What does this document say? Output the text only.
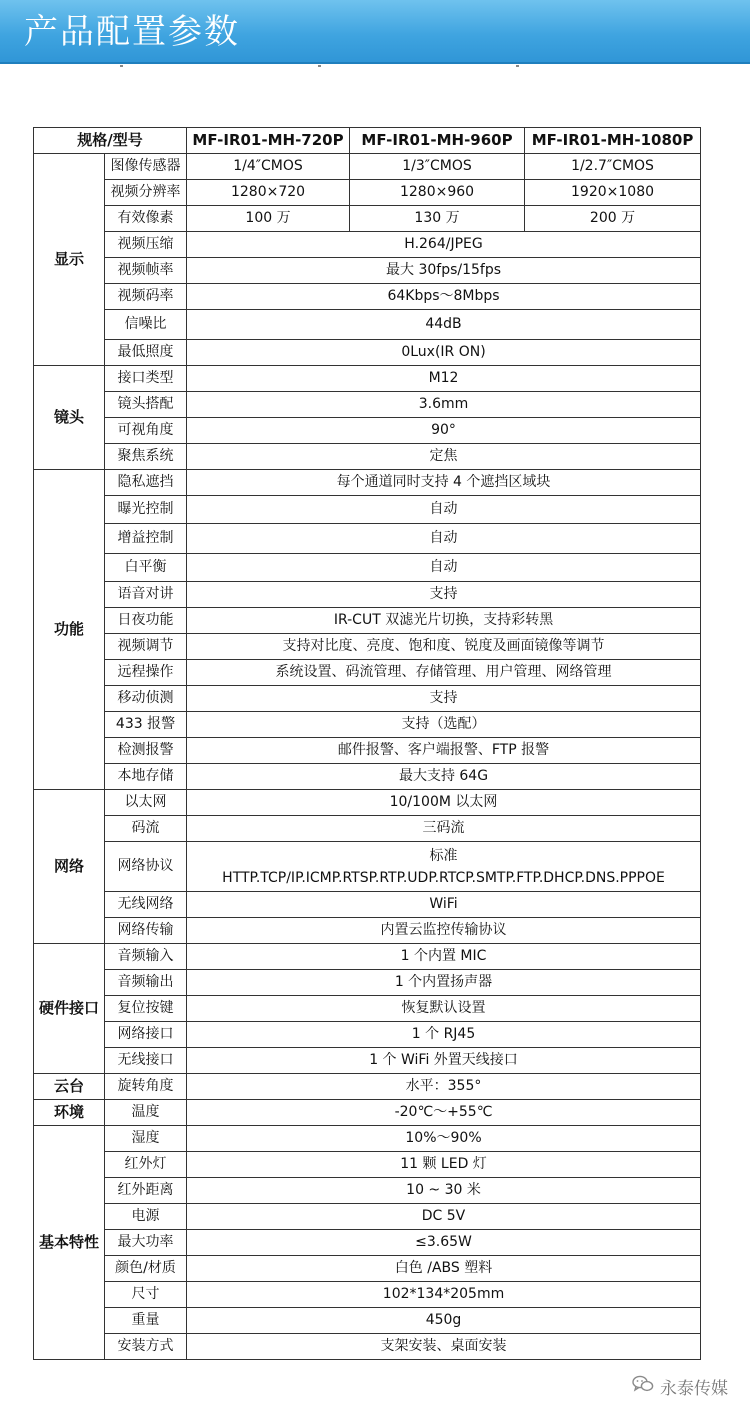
产品配置参数
规格/型号		MF-IR01-MH-720P	MF-IR01-MH-960P	MF-IR01-MH-1080P
显示	图像传感器	1/4″CMOS	1/3″CMOS	1/2.7″CMOS
	视频分辨率	1280×720	1280×960	1920×1080
	有效像素	100 万	130 万	200 万
	视频压缩	H.264/JPEG		
	视频帧率	最大 30fps/15fps		
	视频码率	64Kbps～8Mbps		
	信噪比	44dB		
	最低照度	0Lux(IR ON)		
镜头	接口类型	M12		
	镜头搭配	3.6mm		
	可视角度	90°		
	聚焦系统	定焦		
功能	隐私遮挡	每个通道同时支持 4 个遮挡区域块		
	曝光控制	自动		
	增益控制	自动		
	白平衡	自动		
	语音对讲	支持		
	日夜功能	IR-CUT 双滤光片切换，支持彩转黑		
	视频调节	支持对比度、亮度、饱和度、锐度及画面镜像等调节		
	远程操作	系统设置、码流管理、存储管理、用户管理、网络管理		
	移动侦测	支持		
	433 报警	支持（选配）		
	检测报警	邮件报警、客户端报警、FTP 报警		
	本地存储	最大支持 64G		
网络	以太网	10/100M 以太网		
	码流	三码流		
	网络协议	标准
HTTP.TCP/IP.ICMP.RTSP.RTP.UDP.RTCP.SMTP.FTP.DHCP.DNS.PPPOE		

	无线网络	WiFi		
	网络传输	内置云监控传输协议		
硬件接口	音频输入	1 个内置 MIC		
	音频输出	1 个内置扬声器		
	复位按键	恢复默认设置		
	网络接口	1 个 RJ45		
	无线接口	1 个 WiFi 外置天线接口		
云台	旋转角度	水平：355°		
环境	温度	-20℃～+55℃		
基本特性	湿度	10%～90%		
	红外灯	11 颗 LED 灯		
	红外距离	10 ~ 30 米		
	电源	DC 5V		
	最大功率	≤3.65W		
	颜色/材质	白色 /ABS 塑料		
	尺寸	102*134*205mm		
	重量	450g		
	安装方式	支架安装、桌面安装		
永泰传媒
